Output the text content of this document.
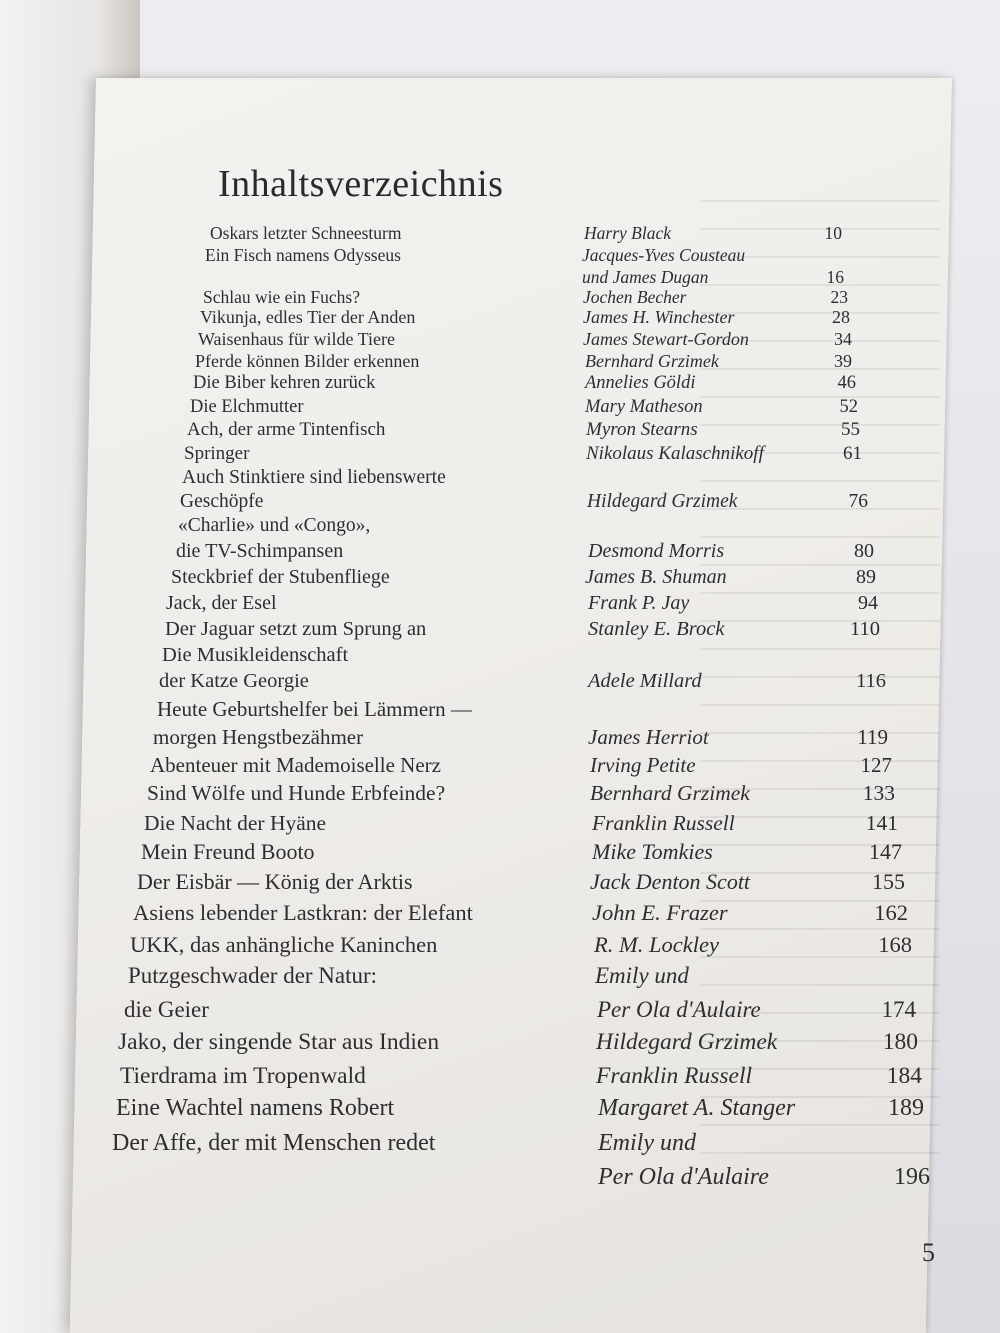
Inhaltsverzeichnis
Oskars letzter Schneesturm	Harry Black	10
Ein Fisch namens Odysseus	Jacques-Yves Cousteau
und James Dugan	16
Schlau wie ein Fuchs?	Jochen Becher	23
Vikunja, edles Tier der Anden	James H. Winchester	28
Waisenhaus für wilde Tiere	James Stewart-Gordon	34
Pferde können Bilder erkennen	Bernhard Grzimek	39
Die Biber kehren zurück	Annelies Göldi	46
Die Elchmutter	Mary Matheson	52
Ach, der arme Tintenfisch	Myron Stearns	55
Springer	Nikolaus Kalaschnikoff	61
Auch Stinktiere sind liebenswerte
Geschöpfe	Hildegard Grzimek	76
«Charlie» und «Congo»,
die TV-Schimpansen	Desmond Morris	80
Steckbrief der Stubenfliege	James B. Shuman	89
Jack, der Esel	Frank P. Jay	94
Der Jaguar setzt zum Sprung an	Stanley E. Brock	110
Die Musikleidenschaft
der Katze Georgie	Adele Millard	116
Heute Geburtshelfer bei Lämmern —
morgen Hengstbezähmer	James Herriot	119
Abenteuer mit Mademoiselle Nerz	Irving Petite	127
Sind Wölfe und Hunde Erbfeinde?	Bernhard Grzimek	133
Die Nacht der Hyäne	Franklin Russell	141
Mein Freund Booto	Mike Tomkies	147
Der Eisbär — König der Arktis	Jack Denton Scott	155
Asiens lebender Lastkran: der Elefant	John E. Frazer	162
UKK, das anhängliche Kaninchen	R. M. Lockley	168
Putzgeschwader der Natur:	Emily und
die Geier	Per Ola d'Aulaire	174
Jako, der singende Star aus Indien	Hildegard Grzimek	180
Tierdrama im Tropenwald	Franklin Russell	184
Eine Wachtel namens Robert	Margaret A. Stanger	189
Der Affe, der mit Menschen redet	Emily und
Per Ola d'Aulaire	196
5
